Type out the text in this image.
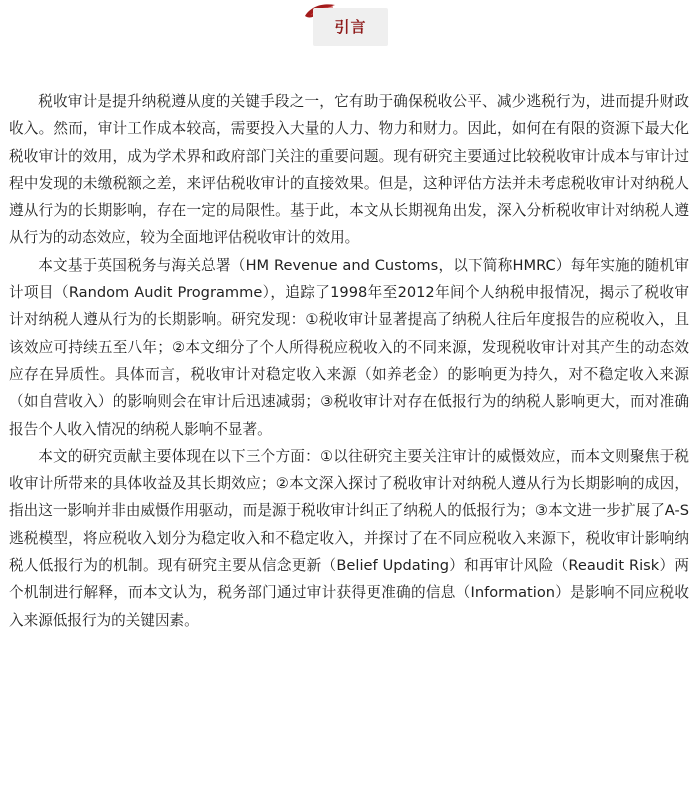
引言

税收审计是提升纳税遵从度的关键手段之一，它有助于确保税收公平、减少逃税行为，进而提升财政收入。然而，审计工作成本较高，需要投入大量的人力、物力和财力。因此，如何在有限的资源下最大化税收审计的效用，成为学术界和政府部门关注的重要问题。现有研究主要通过比较税收审计成本与审计过程中发现的未缴税额之差，来评估税收审计的直接效果。但是，这种评估方法并未考虑税收审计对纳税人遵从行为的长期影响，存在一定的局限性。基于此，本文从长期视角出发，深入分析税收审计对纳税人遵从行为的动态效应，较为全面地评估税收审计的效用。

本文基于英国税务与海关总署（HM Revenue and Customs，以下简称HMRC）每年实施的随机审计项目（Random Audit Programme），追踪了1998年至2012年间个人纳税申报情况，揭示了税收审计对纳税人遵从行为的长期影响。研究发现：①税收审计显著提高了纳税人往后年度报告的应税收入，且该效应可持续五至八年；②本文细分了个人所得税应税收入的不同来源，发现税收审计对其产生的动态效应存在异质性。具体而言，税收审计对稳定收入来源（如养老金）的影响更为持久，对不稳定收入来源（如自营收入）的影响则会在审计后迅速减弱；③税收审计对存在低报行为的纳税人影响更大，而对准确报告个人收入情况的纳税人影响不显著。

本文的研究贡献主要体现在以下三个方面：①以往研究主要关注审计的威慑效应，而本文则聚焦于税收审计所带来的具体收益及其长期效应；②本文深入探讨了税收审计对纳税人遵从行为长期影响的成因，指出这一影响并非由威慑作用驱动，而是源于税收审计纠正了纳税人的低报行为；③本文进一步扩展了A-S逃税模型，将应税收入划分为稳定收入和不稳定收入，并探讨了在不同应税收入来源下，税收审计影响纳税人低报行为的机制。现有研究主要从信念更新（Belief Updating）和再审计风险（Reaudit Risk）两个机制进行解释，而本文认为，税务部门通过审计获得更准确的信息（Information）是影响不同应税收入来源低报行为的关键因素。
